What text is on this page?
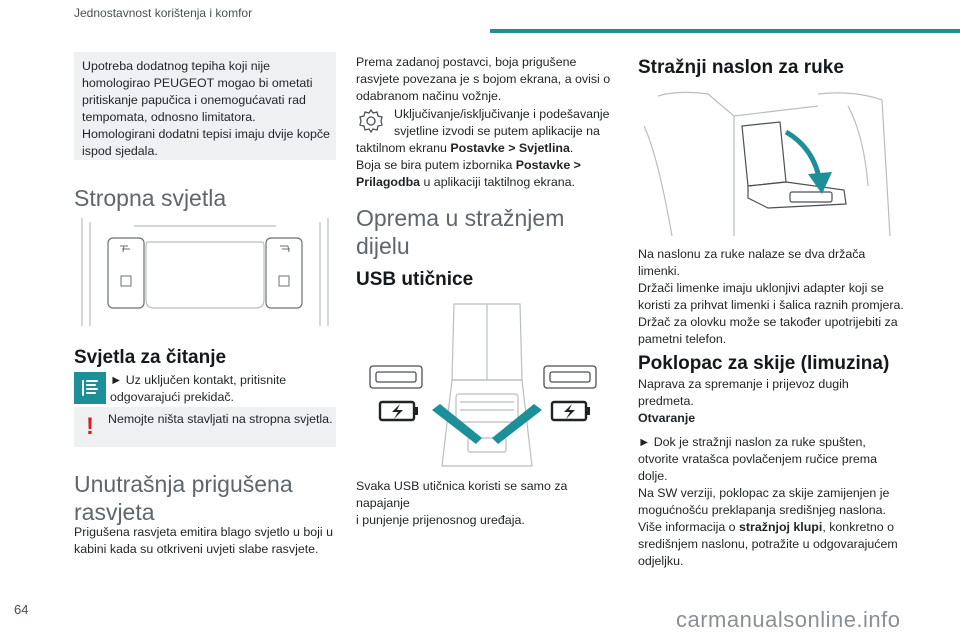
Jednostavnost korištenja i komfor
Upotreba dodatnog tepiha koji nije
homologirao PEUGEOT mogao bi ometati
pritiskanje papučica i onemogućavati rad
tempomata, odnosno limitatora.
Homologirani dodatni tepisi imaju dvije kopče
ispod sjedala.
Stropna svjetla
Svjetla za čitanje
► Uz uključen kontakt, pritisnite
odgovarajući prekidač.
! Nemojte ništa stavljati na stropna svjetla.
Unutrašnja prigušena
rasvjeta
Prigušena rasvjeta emitira blago svjetlo u boji u
kabini kada su otkriveni uvjeti slabe rasvjete.
Prema zadanoj postavci, boja prigušene
rasvjete povezana je s bojom ekrana, a ovisi o
odabranom načinu vožnje.
Uključivanje/isključivanje i podešavanje
svjetline izvodi se putem aplikacije na
taktilnom ekranu Postavke > Svjetlina.
Boja se bira putem izbornika Postavke >
Prilagodba u aplikaciji taktilnog ekrana.
Oprema u stražnjem
dijelu
USB utičnice
Svaka USB utičnica koristi se samo za napajanje
i punjenje prijenosnog uređaja.
Stražnji naslon za ruke
Na naslonu za ruke nalaze se dva držača
limenki.
Držači limenke imaju uklonjivi adapter koji se
koristi za prihvat limenki i šalica raznih promjera.
Držač za olovku može se također upotrijebiti za
pametni telefon.
Poklopac za skije (limuzina)
Naprava za spremanje i prijevoz dugih
predmeta.
Otvaranje
► Dok je stražnji naslon za ruke spušten,
otvorite vratašca povlačenjem ručice prema
dolje.
Na SW verziji, poklopac za skije zamijenjen je
mogućnošću preklapanja središnjeg naslona.
Više informacija o stražnjoj klupi, konkretno o
središnjem naslonu, potražite u odgovarajućem
odjeljku.
64	carmanualsonline.info
